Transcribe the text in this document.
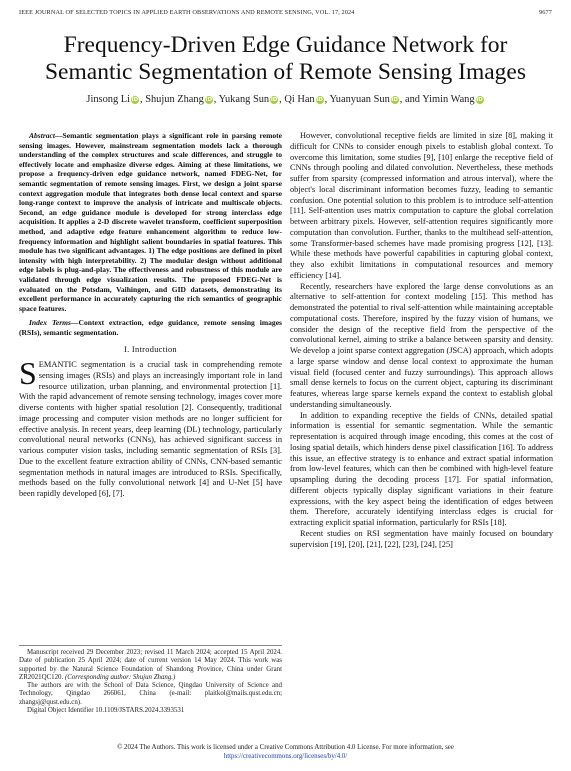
IEEE JOURNAL OF SELECTED TOPICS IN APPLIED EARTH OBSERVATIONS AND REMOTE SENSING, VOL. 17, 2024	9677
Frequency-Driven Edge Guidance Network for
Semantic Segmentation of Remote Sensing Images
Jinsong Li iD , Shujun Zhang iD , Yukang Sun iD , Qi Han iD , Yuanyuan Sun iD , and Yimin Wang iD
Abstract—Semantic segmentation plays a significant role in parsing remote sensing images. However, mainstream segmentation models lack a thorough understanding of the complex structures and scale differences, and struggle to effectively locate and emphasize diverse edges. Aiming at these limitations, we propose a frequency-driven edge guidance network, named FDEG-Net, for semantic segmentation of remote sensing images. First, we design a joint sparse context aggregation module that integrates both dense local context and sparse long-range context to improve the analysis of intricate and multiscale objects. Second, an edge guidance module is developed for strong interclass edge acquisition. It applies a 2-D discrete wavelet transform, coefficient superposition method, and adaptive edge feature enhancement algorithm to reduce low-frequency information and highlight salient boundaries in spatial features. This module has two significant advantages. 1) The edge positions are defined in pixel intensity with high interpretability. 2) The modular design without additional edge labels is plug-and-play. The effectiveness and robustness of this module are validated through edge visualization results. The proposed FDEG-Net is evaluated on the Potsdam, Vaihingen, and GID datasets, demonstrating its excellent performance in accurately capturing the rich semantics of geographic space features.
Index Terms—Context extraction, edge guidance, remote sensing images (RSIs), semantic segmentation.
I. Introduction

SEMANTIC segmentation is a crucial task in comprehending remote sensing images (RSIs) and plays an increasingly important role in land resource utilization, urban planning, and environmental protection [1]. With the rapid advancement of remote sensing technology, images cover more diverse contents with higher spatial resolution [2]. Consequently, traditional image processing and computer vision methods are no longer sufficient for effective analysis. In recent years, deep learning (DL) technology, particularly convolutional neural networks (CNNs), has achieved significant success in various computer vision tasks, including semantic segmentation of RSIs [3]. Due to the excellent feature extraction ability of CNNs, CNN-based semantic segmentation methods in natural images are introduced to RSIs. Specifically, methods based on the fully convolutional network [4] and U-Net [5] have been rapidly developed [6], [7].

Manuscript received 29 December 2023; revised 11 March 2024; accepted 15 April 2024. Date of publication 25 April 2024; date of current version 14 May 2024. This work was supported by the Natural Science Foundation of Shandong Province, China under Grant ZR2021QC120. (Corresponding author: Shujun Zhang.)

The authors are with the School of Data Science, Qingdao University of Science and Technology, Qingdao 266061, China (e-mail: plaitkol@mails.qust.edu.cn; zhangsj@qust.edu.cn).

Digital Object Identifier 10.1109/JSTARS.2024.3393531

However, convolutional receptive fields are limited in size [8], making it difficult for CNNs to consider enough pixels to establish global context. To overcome this limitation, some studies [9], [10] enlarge the receptive field of CNNs through pooling and dilated convolution. Nevertheless, these methods suffer from sparsity (compressed information and atrous interval), where the object's local discriminant information becomes fuzzy, leading to semantic confusion. One potential solution to this problem is to introduce self-attention [11]. Self-attention uses matrix computation to capture the global correlation between arbitrary pixels. However, self-attention requires significantly more computation than convolution. Further, thanks to the multihead self-attention, some Transformer-based schemes have made promising progress [12], [13]. While these methods have powerful capabilities in capturing global context, they also exhibit limitations in computational resources and memory efficiency [14].

Recently, researchers have explored the large dense convolutions as an alternative to self-attention for context modeling [15]. This method has demonstrated the potential to rival self-attention while maintaining acceptable computational costs. Therefore, inspired by the fuzzy vision of humans, we consider the design of the receptive field from the perspective of the convolutional kernel, aiming to strike a balance between sparsity and density. We develop a joint sparse context aggregation (JSCA) approach, which adopts a large sparse window and dense local context to approximate the human visual field (focused center and fuzzy surroundings). This approach allows small dense kernels to focus on the current object, capturing its discriminant features, whereas large sparse kernels expand the context to establish global understanding simultaneously.

In addition to expanding receptive the fields of CNNs, detailed spatial information is essential for semantic segmentation. While the semantic representation is acquired through image encoding, this comes at the cost of losing spatial details, which hinders dense pixel classification [16]. To address this issue, an effective strategy is to enhance and extract spatial information from low-level features, which can then be combined with high-level feature upsampling during the decoding process [17]. For spatial information, different objects typically display significant variations in their feature expressions, with the key aspect being the identification of edges between them. Therefore, accurately identifying interclass edges is crucial for extracting explicit spatial information, particularly for RSIs [18].

Recent studies on RSI segmentation have mainly focused on boundary supervision [19], [20], [21], [22], [23], [24], [25]

© 2024 The Authors. This work is licensed under a Creative Commons Attribution 4.0 License. For more information, see
https://creativecommons.org/licenses/by/4.0/
